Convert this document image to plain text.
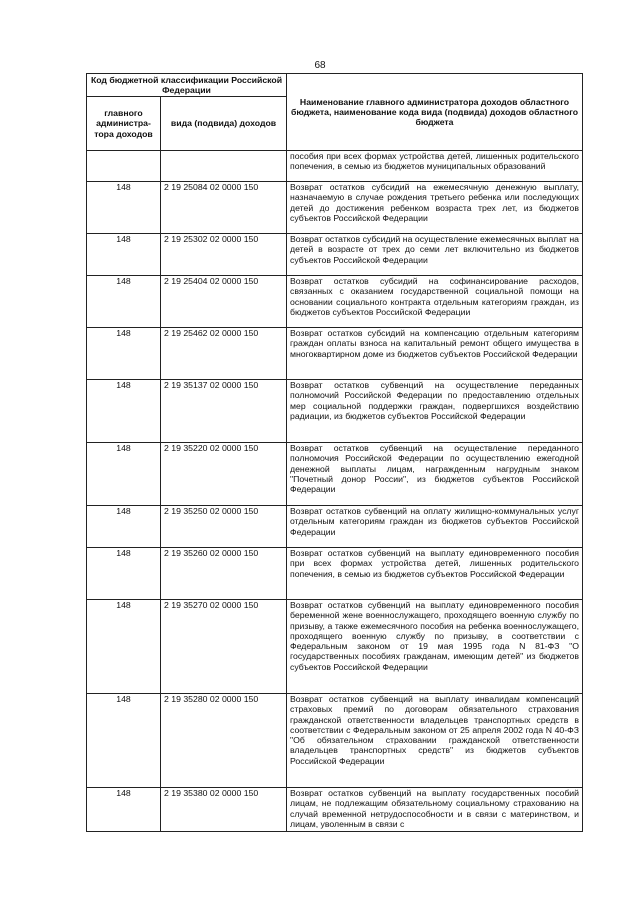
68
Код бюджетной классификации Российской Федерации		Наименование главного администратора доходов областного бюджета, наименование кода вида (подвида) доходов областного бюджета
главного администра-тора доходов	вида (подвида) доходов	
		пособия при всех формах устройства детей, лишенных родительского попечения, в семью из бюджетов муниципальных образований
148	2 19 25084 02 0000 150	Возврат остатков субсидий на ежемесячную денежную выплату, назначаемую в случае рождения третьего ребенка или последующих детей до достижения ребенком возраста трех лет, из бюджетов субъектов Российской Федерации
148	2 19 25302 02 0000 150	Возврат остатков субсидий на осуществление ежемесячных выплат на детей в возрасте от трех до семи лет включительно из бюджетов субъектов Российской Федерации
148	2 19 25404 02 0000 150	Возврат остатков субсидий на софинансирование расходов, связанных с оказанием государственной социальной помощи на основании социального контракта отдельным категориям граждан, из бюджетов субъектов Российской Федерации
148	2 19 25462 02 0000 150	Возврат остатков субсидий на компенсацию отдельным категориям граждан оплаты взноса на капитальный ремонт общего имущества в многоквартирном доме из бюджетов субъектов Российской Федерации
148	2 19 35137 02 0000 150	Возврат остатков субвенций на осуществление переданных полномочий Российской Федерации по предоставлению отдельных мер социальной поддержки граждан, подвергшихся воздействию радиации, из бюджетов субъектов Российской Федерации
148	2 19 35220 02 0000 150	Возврат остатков субвенций на осуществление переданного полномочия Российской Федерации по осуществлению ежегодной денежной выплаты лицам, награжденным нагрудным знаком "Почетный донор России", из бюджетов субъектов Российской Федерации
148	2 19 35250 02 0000 150	Возврат остатков субвенций на оплату жилищно-коммунальных услуг отдельным категориям граждан из бюджетов субъектов Российской Федерации
148	2 19 35260 02 0000 150	Возврат остатков субвенций на выплату единовременного пособия при всех формах устройства детей, лишенных родительского попечения, в семью из бюджетов субъектов Российской Федерации
148	2 19 35270 02 0000 150	Возврат остатков субвенций на выплату единовременного пособия беременной жене военнослужащего, проходящего военную службу по призыву, а также ежемесячного пособия на ребенка военнослужащего, проходящего военную службу по призыву, в соответствии с Федеральным законом от 19 мая 1995 года N 81-ФЗ "О государственных пособиях гражданам, имеющим детей" из бюджетов субъектов Российской Федерации
148	2 19 35280 02 0000 150	Возврат остатков субвенций на выплату инвалидам компенсаций страховых премий по договорам обязательного страхования гражданской ответственности владельцев транспортных средств в соответствии с Федеральным законом от 25 апреля 2002 года N 40-ФЗ "Об обязательном страховании гражданской ответственности владельцев транспортных средств" из бюджетов субъектов Российской Федерации
148	2 19 35380 02 0000 150	Возврат остатков субвенций на выплату государственных пособий лицам, не подлежащим обязательному социальному страхованию на случай временной нетрудоспособности и в связи с материнством, и лицам, уволенным в связи с
